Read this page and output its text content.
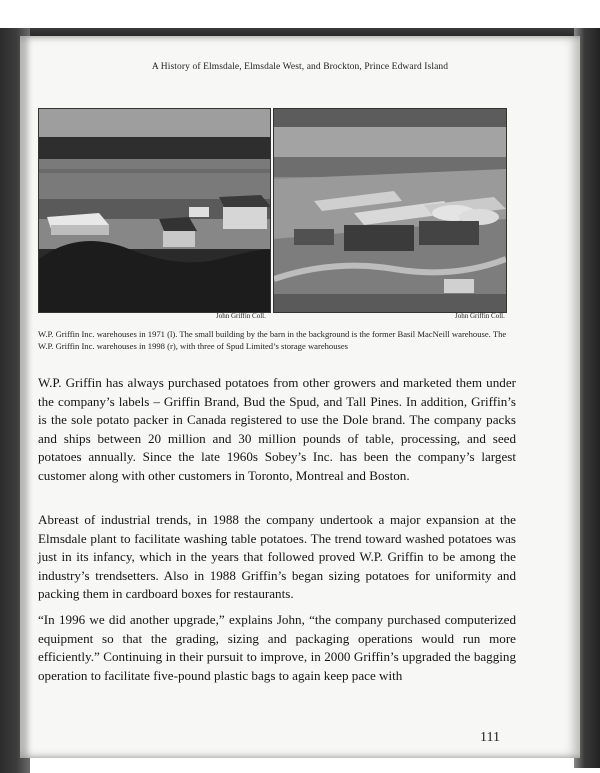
A History of Elmsdale, Elmsdale West, and Brockton, Prince Edward Island
John Griffin Coll.	John Griffin Coll.
W.P. Griffin Inc. warehouses in 1971 (l). The small building by the barn in the background is the former Basil MacNeill warehouse. The W.P. Griffin Inc. warehouses in 1998 (r), with three of Spud Limited’s storage warehouses

W.P. Griffin has always purchased potatoes from other growers and marketed them under the company’s labels – Griffin Brand, Bud the Spud, and Tall Pines. In addition, Griffin’s is the sole potato packer in Canada registered to use the Dole brand. The company packs and ships between 20 million and 30 million pounds of table, processing, and seed potatoes annually. Since the late 1960s Sobey’s Inc. has been the company’s largest customer along with other customers in Toronto, Montreal and Boston.

Abreast of industrial trends, in 1988 the company undertook a major expansion at the Elmsdale plant to facilitate washing table potatoes. The trend toward washed potatoes was just in its infancy, which in the years that followed proved W.P. Griffin to be among the industry’s trendsetters. Also in 1988 Griffin’s began sizing potatoes for uniformity and packing them in cardboard boxes for restaurants.

“In 1996 we did another upgrade,” explains John, “the company purchased computerized equipment so that the grading, sizing and packaging operations would run more efficiently.” Continuing in their pursuit to improve, in 2000 Griffin’s upgraded the bagging operation to facilitate five-pound plastic bags to again keep pace with

111
